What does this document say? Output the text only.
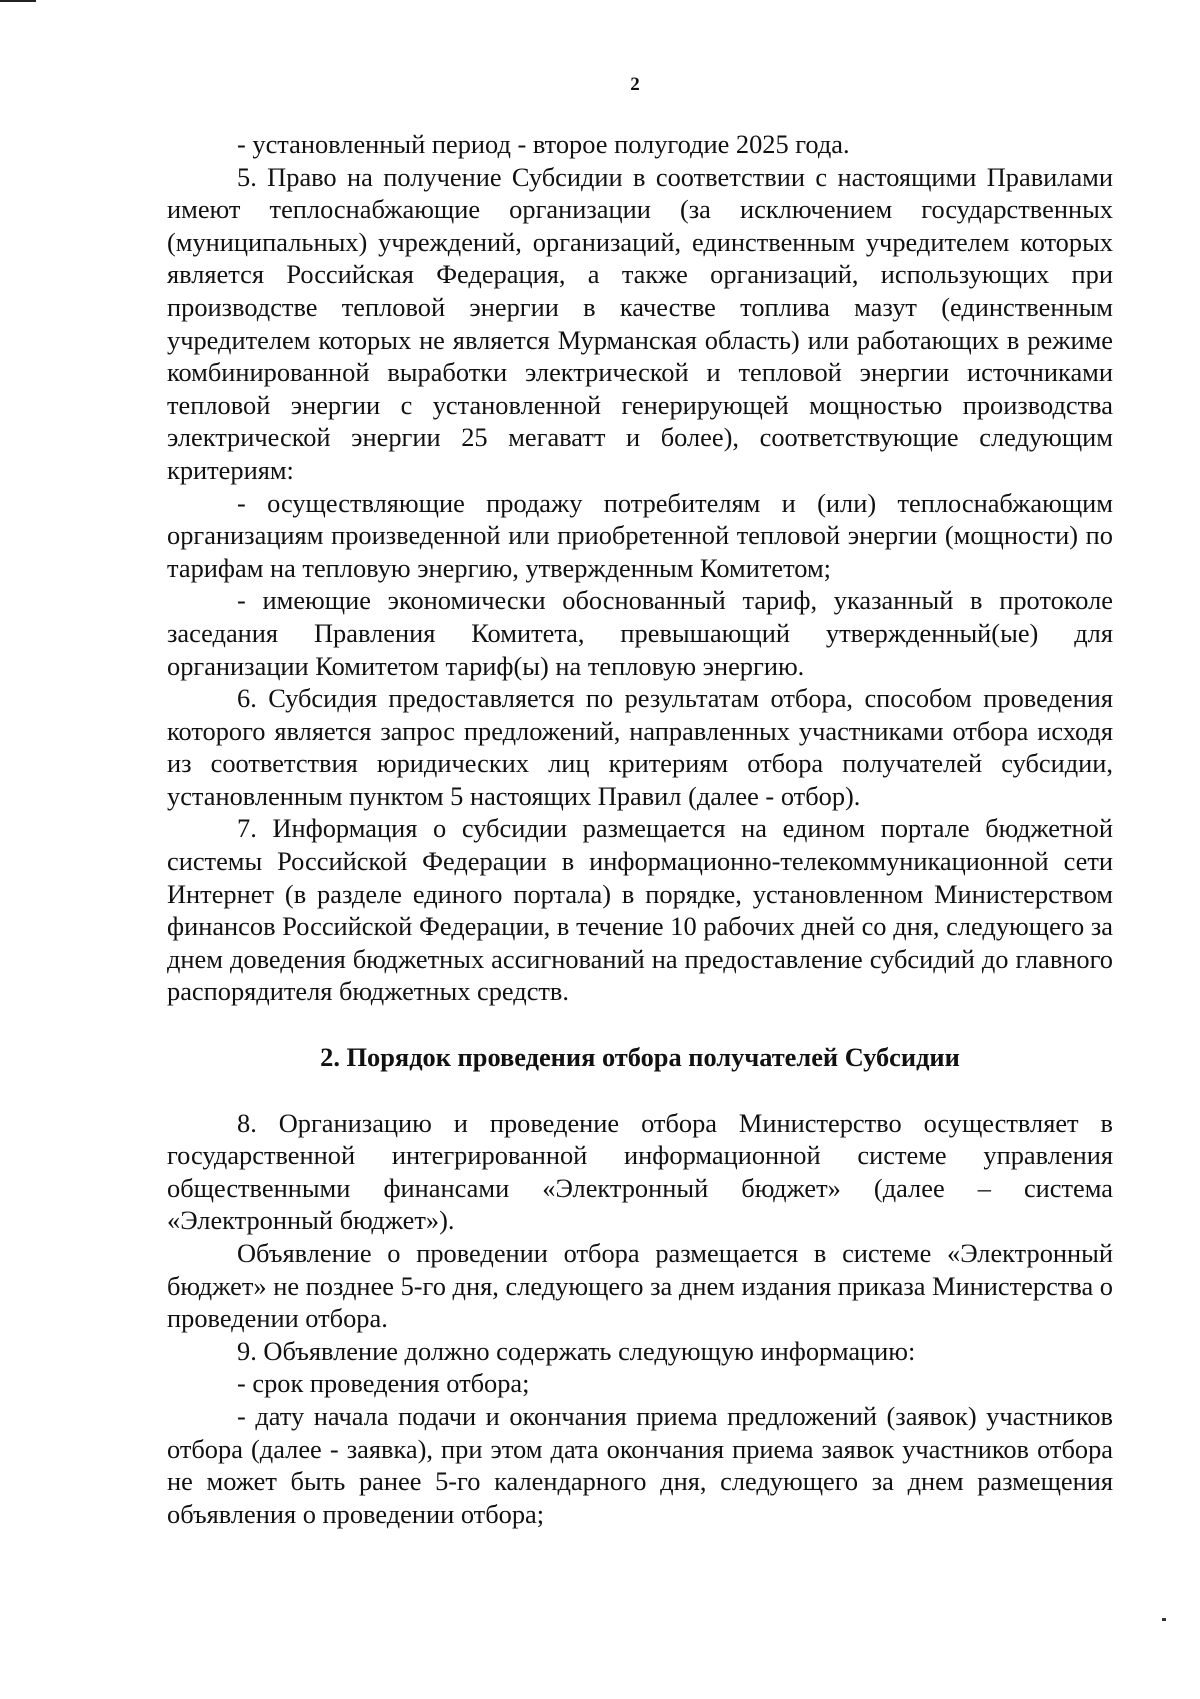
2

- установленный период - второе полугодие 2025 года.

5. Право на получение Субсидии в соответствии с настоящими Правилами имеют теплоснабжающие организации (за исключением государственных (муниципальных) учреждений, организаций, единственным учредителем которых является Российская Федерация, а также организаций, использующих при производстве тепловой энергии в качестве топлива мазут (единственным учредителем которых не является Мурманская область) или работающих в режиме комбинированной выработки электрической и тепловой энергии источниками тепловой энергии с установленной генерирующей мощностью производства электрической энергии 25 мегаватт и более), соответствующие следующим критериям:

- осуществляющие продажу потребителям и (или) теплоснабжающим организациям произведенной или приобретенной тепловой энергии (мощности) по тарифам на тепловую энергию, утвержденным Комитетом;

- имеющие экономически обоснованный тариф, указанный в протоколе заседания Правления Комитета, превышающий утвержденный(ые) для организации Комитетом тариф(ы) на тепловую энергию.

6. Субсидия предоставляется по результатам отбора, способом проведения которого является запрос предложений, направленных участниками отбора исходя из соответствия юридических лиц критериям отбора получателей субсидии, установленным пунктом 5 настоящих Правил (далее - отбор).

7. Информация о субсидии размещается на едином портале бюджетной системы Российской Федерации в информационно-телекоммуникационной сети Интернет (в разделе единого портала) в порядке, установленном Министерством финансов Российской Федерации, в течение 10 рабочих дней со дня, следующего за днем доведения бюджетных ассигнований на предоставление субсидий до главного распорядителя бюджетных средств.

2. Порядок проведения отбора получателей Субсидии

8. Организацию и проведение отбора Министерство осуществляет в государственной интегрированной информационной системе управления общественными финансами «Электронный бюджет» (далее – система «Электронный бюджет»).

Объявление о проведении отбора размещается в системе «Электронный бюджет» не позднее 5-го дня, следующего за днем издания приказа Министерства о проведении отбора.

9. Объявление должно содержать следующую информацию:

- срок проведения отбора;

- дату начала подачи и окончания приема предложений (заявок) участников отбора (далее - заявка), при этом дата окончания приема заявок участников отбора не может быть ранее 5-го календарного дня, следующего за днем размещения объявления о проведении отбора;
